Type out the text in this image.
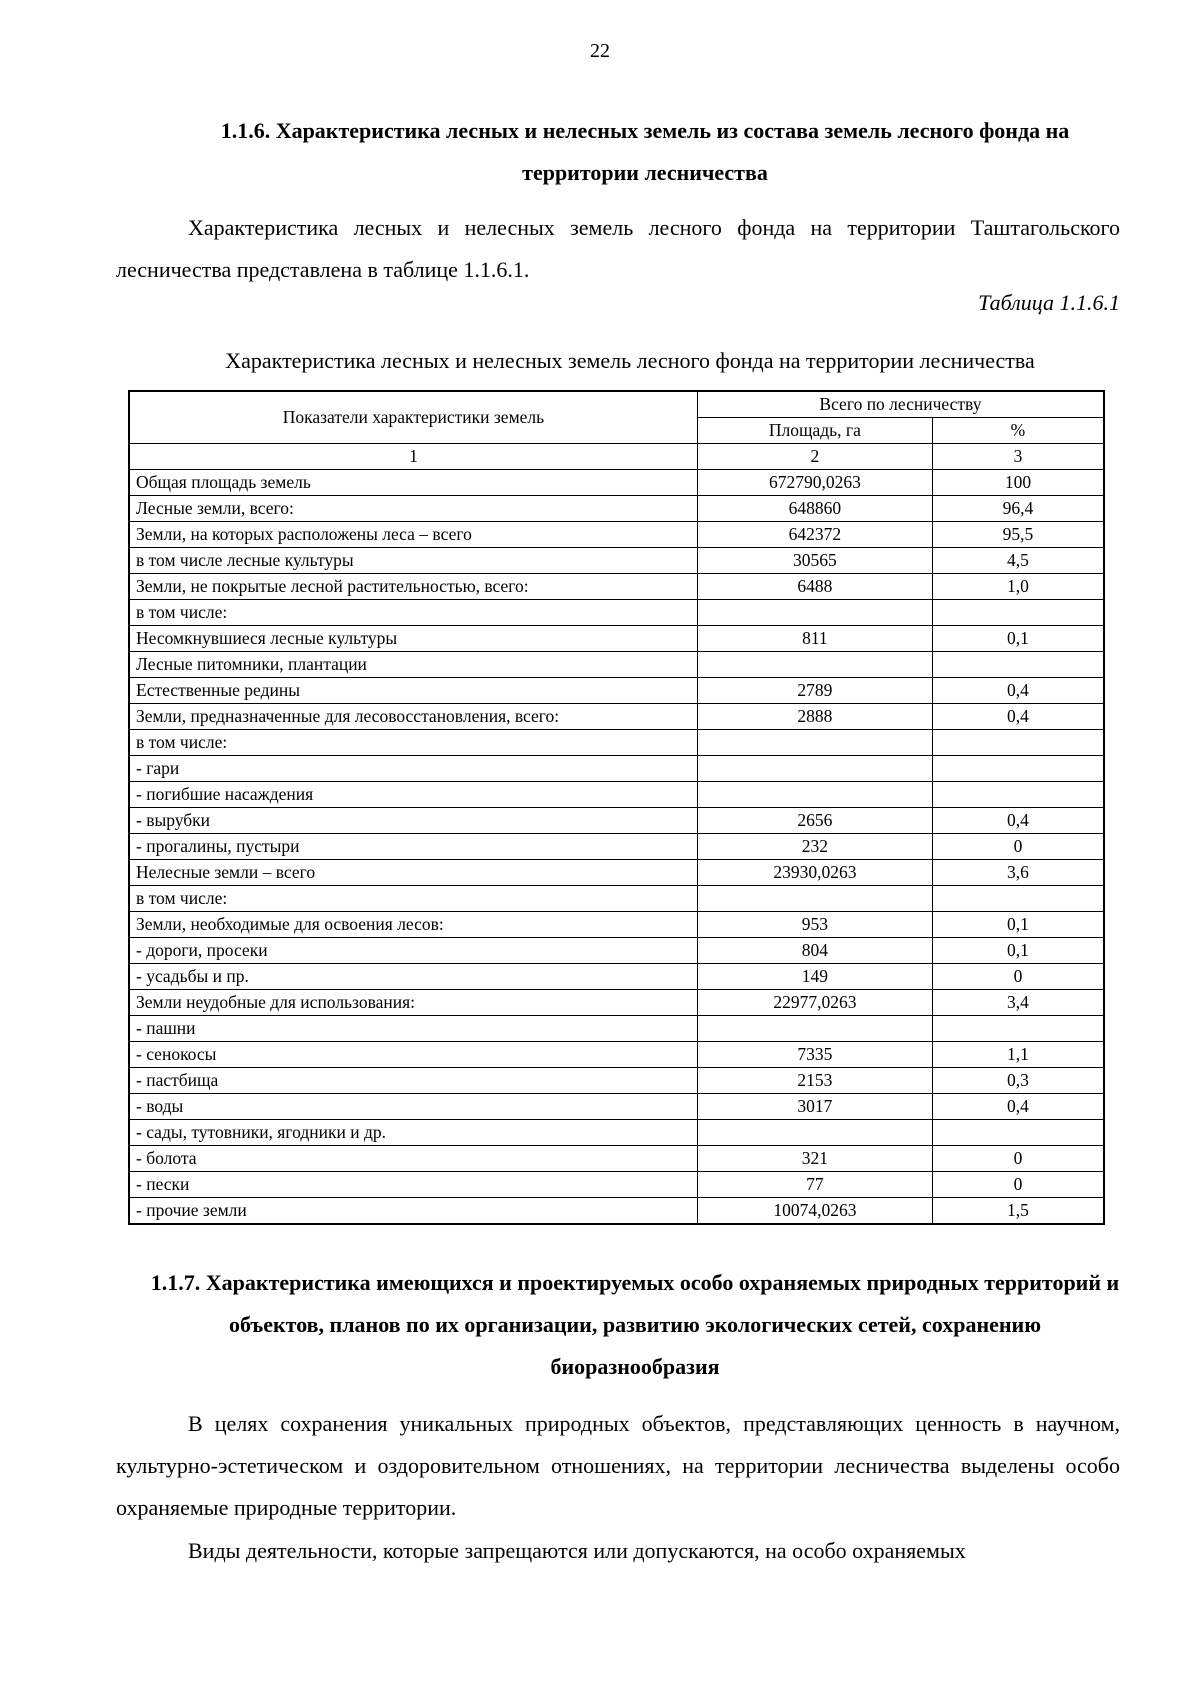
22
1.1.6. Характеристика лесных и нелесных земель из состава земель лесного фонда на территории лесничества

Характеристика лесных и нелесных земель лесного фонда на территории Таштагольского лесничества представлена в таблице 1.1.6.1.

Таблица 1.1.6.1
Характеристика лесных и нелесных земель лесного фонда на территории лесничества
Показатели характеристики земель	Всего по лесничеству	
	Площадь, га	%
1	2	3
Общая площадь земель	672790,0263	100
Лесные земли, всего:	648860	96,4
Земли, на которых расположены леса – всего	642372	95,5
в том числе лесные культуры	30565	4,5
Земли, не покрытые лесной растительностью, всего:	6488	1,0
в том числе:		
Несомкнувшиеся лесные культуры	811	0,1
Лесные питомники, плантации		
Естественные редины	2789	0,4
Земли, предназначенные для лесовосстановления, всего:	2888	0,4
в том числе:		
- гари		
- погибшие насаждения		
- вырубки	2656	0,4
- прогалины, пустыри	232	0
Нелесные земли – всего	23930,0263	3,6
в том числе:		
Земли, необходимые для освоения лесов:	953	0,1
- дороги, просеки	804	0,1
- усадьбы и пр.	149	0
Земли неудобные для использования:	22977,0263	3,4
- пашни		
- сенокосы	7335	1,1
- пастбища	2153	0,3
- воды	3017	0,4
- сады, тутовники, ягодники и др.		
- болота	321	0
- пески	77	0
- прочие земли	10074,0263	1,5
1.1.7. Характеристика имеющихся и проектируемых особо охраняемых природных территорий и объектов, планов по их организации, развитию экологических сетей, сохранению биоразнообразия

В целях сохранения уникальных природных объектов, представляющих ценность в научном, культурно-эстетическом и оздоровительном отношениях, на территории лесничества выделены особо охраняемые природные территории.

Виды деятельности, которые запрещаются или допускаются, на особо охраняемых
